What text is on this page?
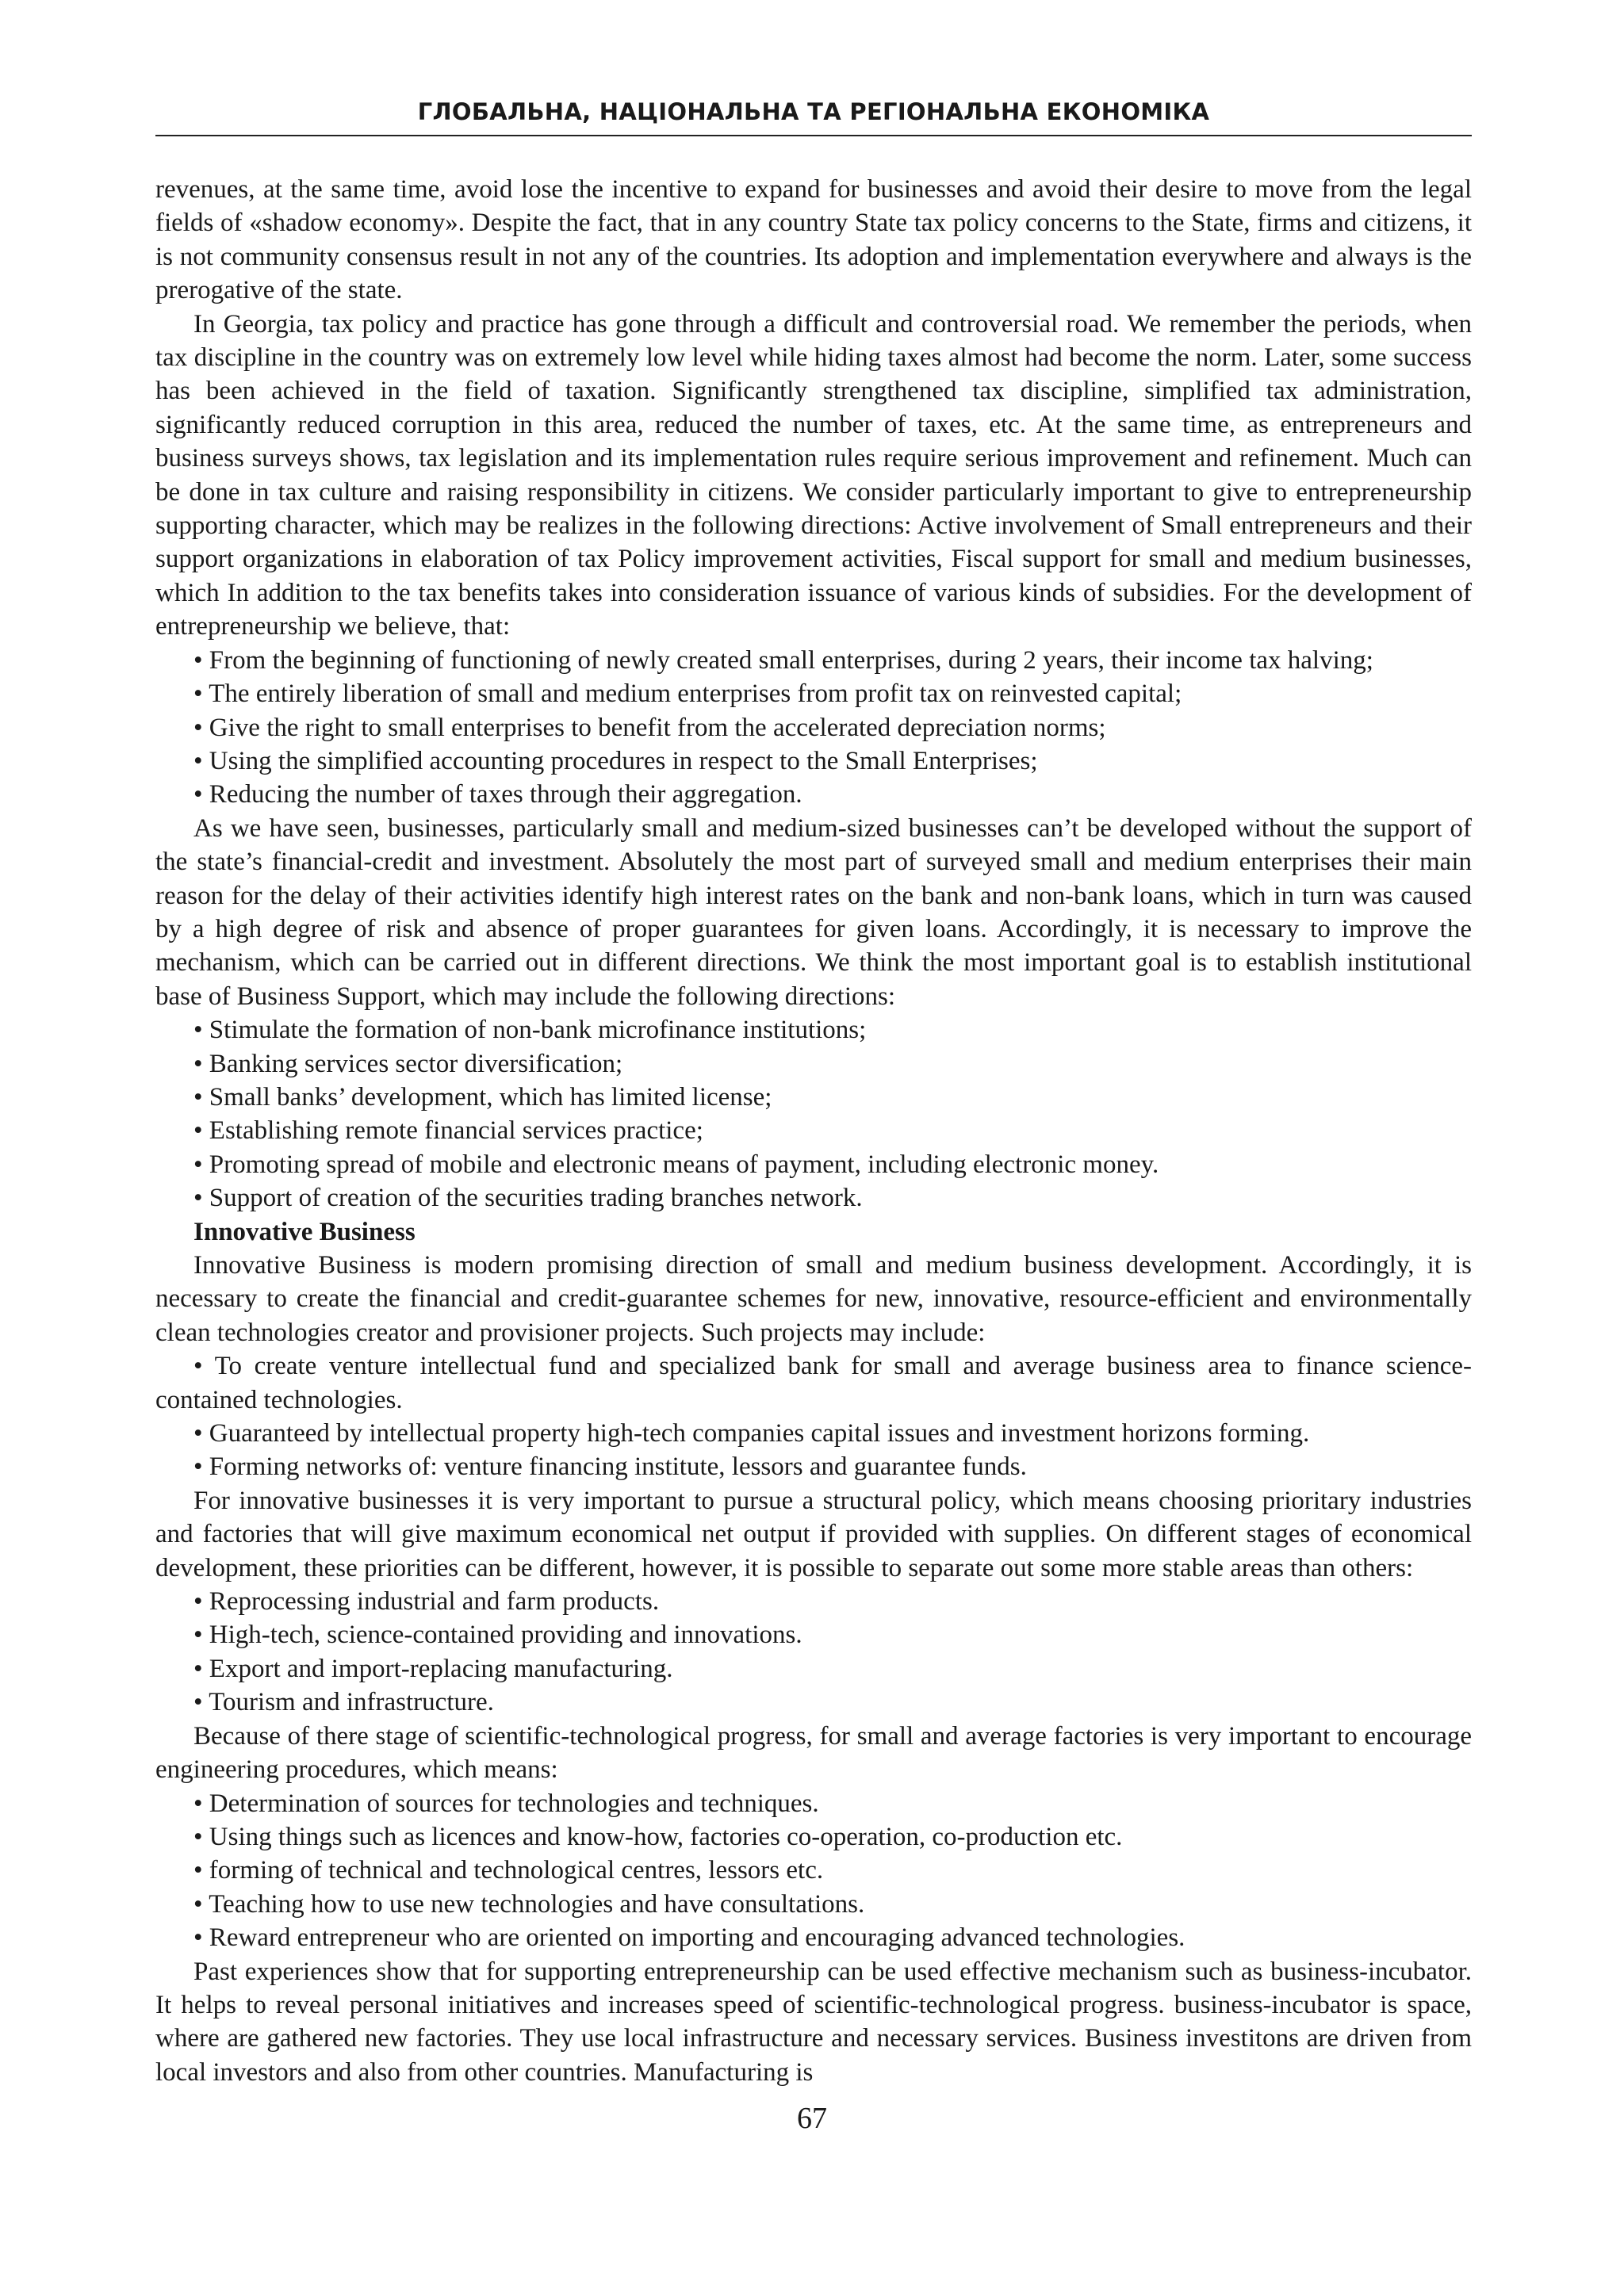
ГЛОБАЛЬНА, НАЦІОНАЛЬНА ТА РЕГІОНАЛЬНА ЕКОНОМІКА

revenues, at the same time, avoid lose the incentive to expand for businesses and avoid their desire to move from the legal fields of «shadow economy». Despite the fact, that in any country State tax policy concerns to the State, firms and citizens, it is not community consensus result in not any of the countries. Its adoption and implementation everywhere and always is the prerogative of the state.

In Georgia, tax policy and practice has gone through a difficult and controversial road. We remember the periods, when tax discipline in the country was on extremely low level while hiding taxes almost had become the norm. Later, some success has been achieved in the field of taxation. Significantly strengthened tax discipline, simplified tax administration, significantly reduced corruption in this area, reduced the number of taxes, etc. At the same time, as entrepreneurs and business surveys shows, tax legislation and its implementation rules require serious improvement and refinement. Much can be done in tax culture and raising responsibility in citizens. We consider particularly important to give to entrepreneurship supporting character, which may be realizes in the following directions: Active involvement of Small entrepreneurs and their support organizations in elaboration of tax Policy improvement activities, Fiscal support for small and medium businesses, which In addition to the tax benefits takes into consideration issuance of various kinds of subsidies. For the development of entrepreneurship we believe, that:

• From the beginning of functioning of newly created small enterprises, during 2 years, their income tax halving;

• The entirely liberation of small and medium enterprises from profit tax on reinvested capital;

• Give the right to small enterprises to benefit from the accelerated depreciation norms;

• Using the simplified accounting procedures in respect to the Small Enterprises;

• Reducing the number of taxes through their aggregation.

As we have seen, businesses, particularly small and medium-sized businesses can’t be developed without the support of the state’s financial-credit and investment. Absolutely the most part of surveyed small and medium enterprises their main reason for the delay of their activities identify high interest rates on the bank and non-bank loans, which in turn was caused by a high degree of risk and absence of proper guarantees for given loans. Accordingly, it is necessary to improve the mechanism, which can be carried out in different directions. We think the most important goal is to establish institutional base of Business Support, which may include the following directions:

• Stimulate the formation of non-bank microfinance institutions;

• Banking services sector diversification;

• Small banks’ development, which has limited license;

• Establishing remote financial services practice;

• Promoting spread of mobile and electronic means of payment, including electronic money.

• Support of creation of the securities trading branches network.

Innovative Business

Innovative Business is modern promising direction of small and medium business development. Accordingly, it is necessary to create the financial and credit-guarantee schemes for new, innovative, resource-efficient and environmentally clean technologies creator and provisioner projects. Such projects may include:

• To create venture intellectual fund and specialized bank for small and average business area to finance science-contained technologies.

• Guaranteed by intellectual property high-tech companies capital issues and investment horizons forming.

• Forming networks of: venture financing institute, lessors and guarantee funds.

For innovative businesses it is very important to pursue a structural policy, which means choosing prioritary industries and factories that will give maximum economical net output if provided with supplies. On different stages of economical development, these priorities can be different, however, it is possible to separate out some more stable areas than others:

• Reprocessing industrial and farm products.

• High-tech, science-contained providing and innovations.

• Export and import-replacing manufacturing.

• Tourism and infrastructure.

Because of there stage of scientific-technological progress, for small and average factories is very important to encourage engineering procedures, which means:

• Determination of sources for technologies and techniques.

• Using things such as licences and know-how, factories co-operation, co-production etc.

• forming of technical and technological centres, lessors etc.

• Teaching how to use new technologies and have consultations.

• Reward entrepreneur who are oriented on importing and encouraging advanced technologies.

Past experiences show that for supporting entrepreneurship can be used effective mechanism such as business-incubator. It helps to reveal personal initiatives and increases speed of scientific-technological progress. business-incubator is space, where are gathered new factories. They use local infrastructure and necessary services. Business investitons are driven from local investors and also from other countries. Manufacturing is

67
